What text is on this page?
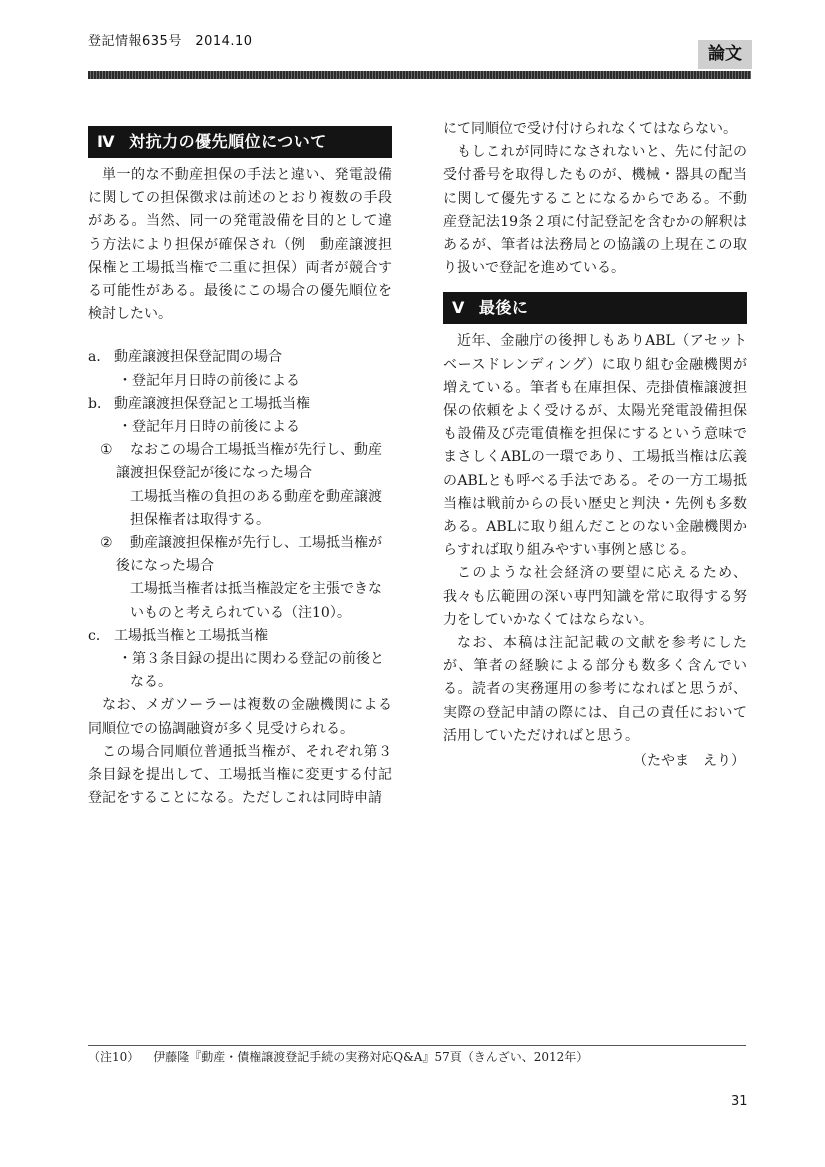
登記情報635号　2014.10
論文
Ⅳ 対抗力の優先順位について

単一的な不動産担保の手法と違い、発電設備に関しての担保徴求は前述のとおり複数の手段がある。当然、同一の発電設備を目的として違う方法により担保が確保され（例　動産譲渡担保権と工場抵当権で二重に担保）両者が競合する可能性がある。最後にこの場合の優先順位を検討したい。

a． 動産譲渡担保登記間の場合
・登記年月日時の前後による
b． 動産譲渡担保登記と工場抵当権
・登記年月日時の前後による
① なおこの場合工場抵当権が先行し、動産
譲渡担保登記が後になった場合
工場抵当権の負担のある動産を動産譲渡
担保権者は取得する。
② 動産譲渡担保権が先行し、工場抵当権が
後になった場合
工場抵当権者は抵当権設定を主張できな
いものと考えられている（注10）。
c． 工場抵当権と工場抵当権
・第３条目録の提出に関わる登記の前後と
なる。

なお、メガソーラーは複数の金融機関による同順位での協調融資が多く見受けられる。

この場合同順位普通抵当権が、それぞれ第３条目録を提出して、工場抵当権に変更する付記登記をすることになる。ただしこれは同時申請

にて同順位で受け付けられなくてはならない。

もしこれが同時になされないと、先に付記の受付番号を取得したものが、機械・器具の配当に関して優先することになるからである。不動産登記法19条２項に付記登記を含むかの解釈はあるが、筆者は法務局との協議の上現在この取り扱いで登記を進めている。

Ⅴ 最後に

近年、金融庁の後押しもありABL（アセットベースドレンディング）に取り組む金融機関が増えている。筆者も在庫担保、売掛債権譲渡担保の依頼をよく受けるが、太陽光発電設備担保も設備及び売電債権を担保にするという意味でまさしくABLの一環であり、工場抵当権は広義のABLとも呼べる手法である。その一方工場抵当権は戦前からの長い歴史と判決・先例も多数ある。ABLに取り組んだことのない金融機関からすれば取り組みやすい事例と感じる。

このような社会経済の要望に応えるため、我々も広範囲の深い専門知識を常に取得する努力をしていかなくてはならない。

なお、本稿は注記記載の文献を参考にしたが、筆者の経験による部分も数多く含んでいる。読者の実務運用の参考になればと思うが、実際の登記申請の際には、自己の責任において活用していただければと思う。

（たやま　えり）
（注10） 伊藤隆『動産・債権譲渡登記手続の実務対応Q&A』57頁（きんざい、2012年）
31
